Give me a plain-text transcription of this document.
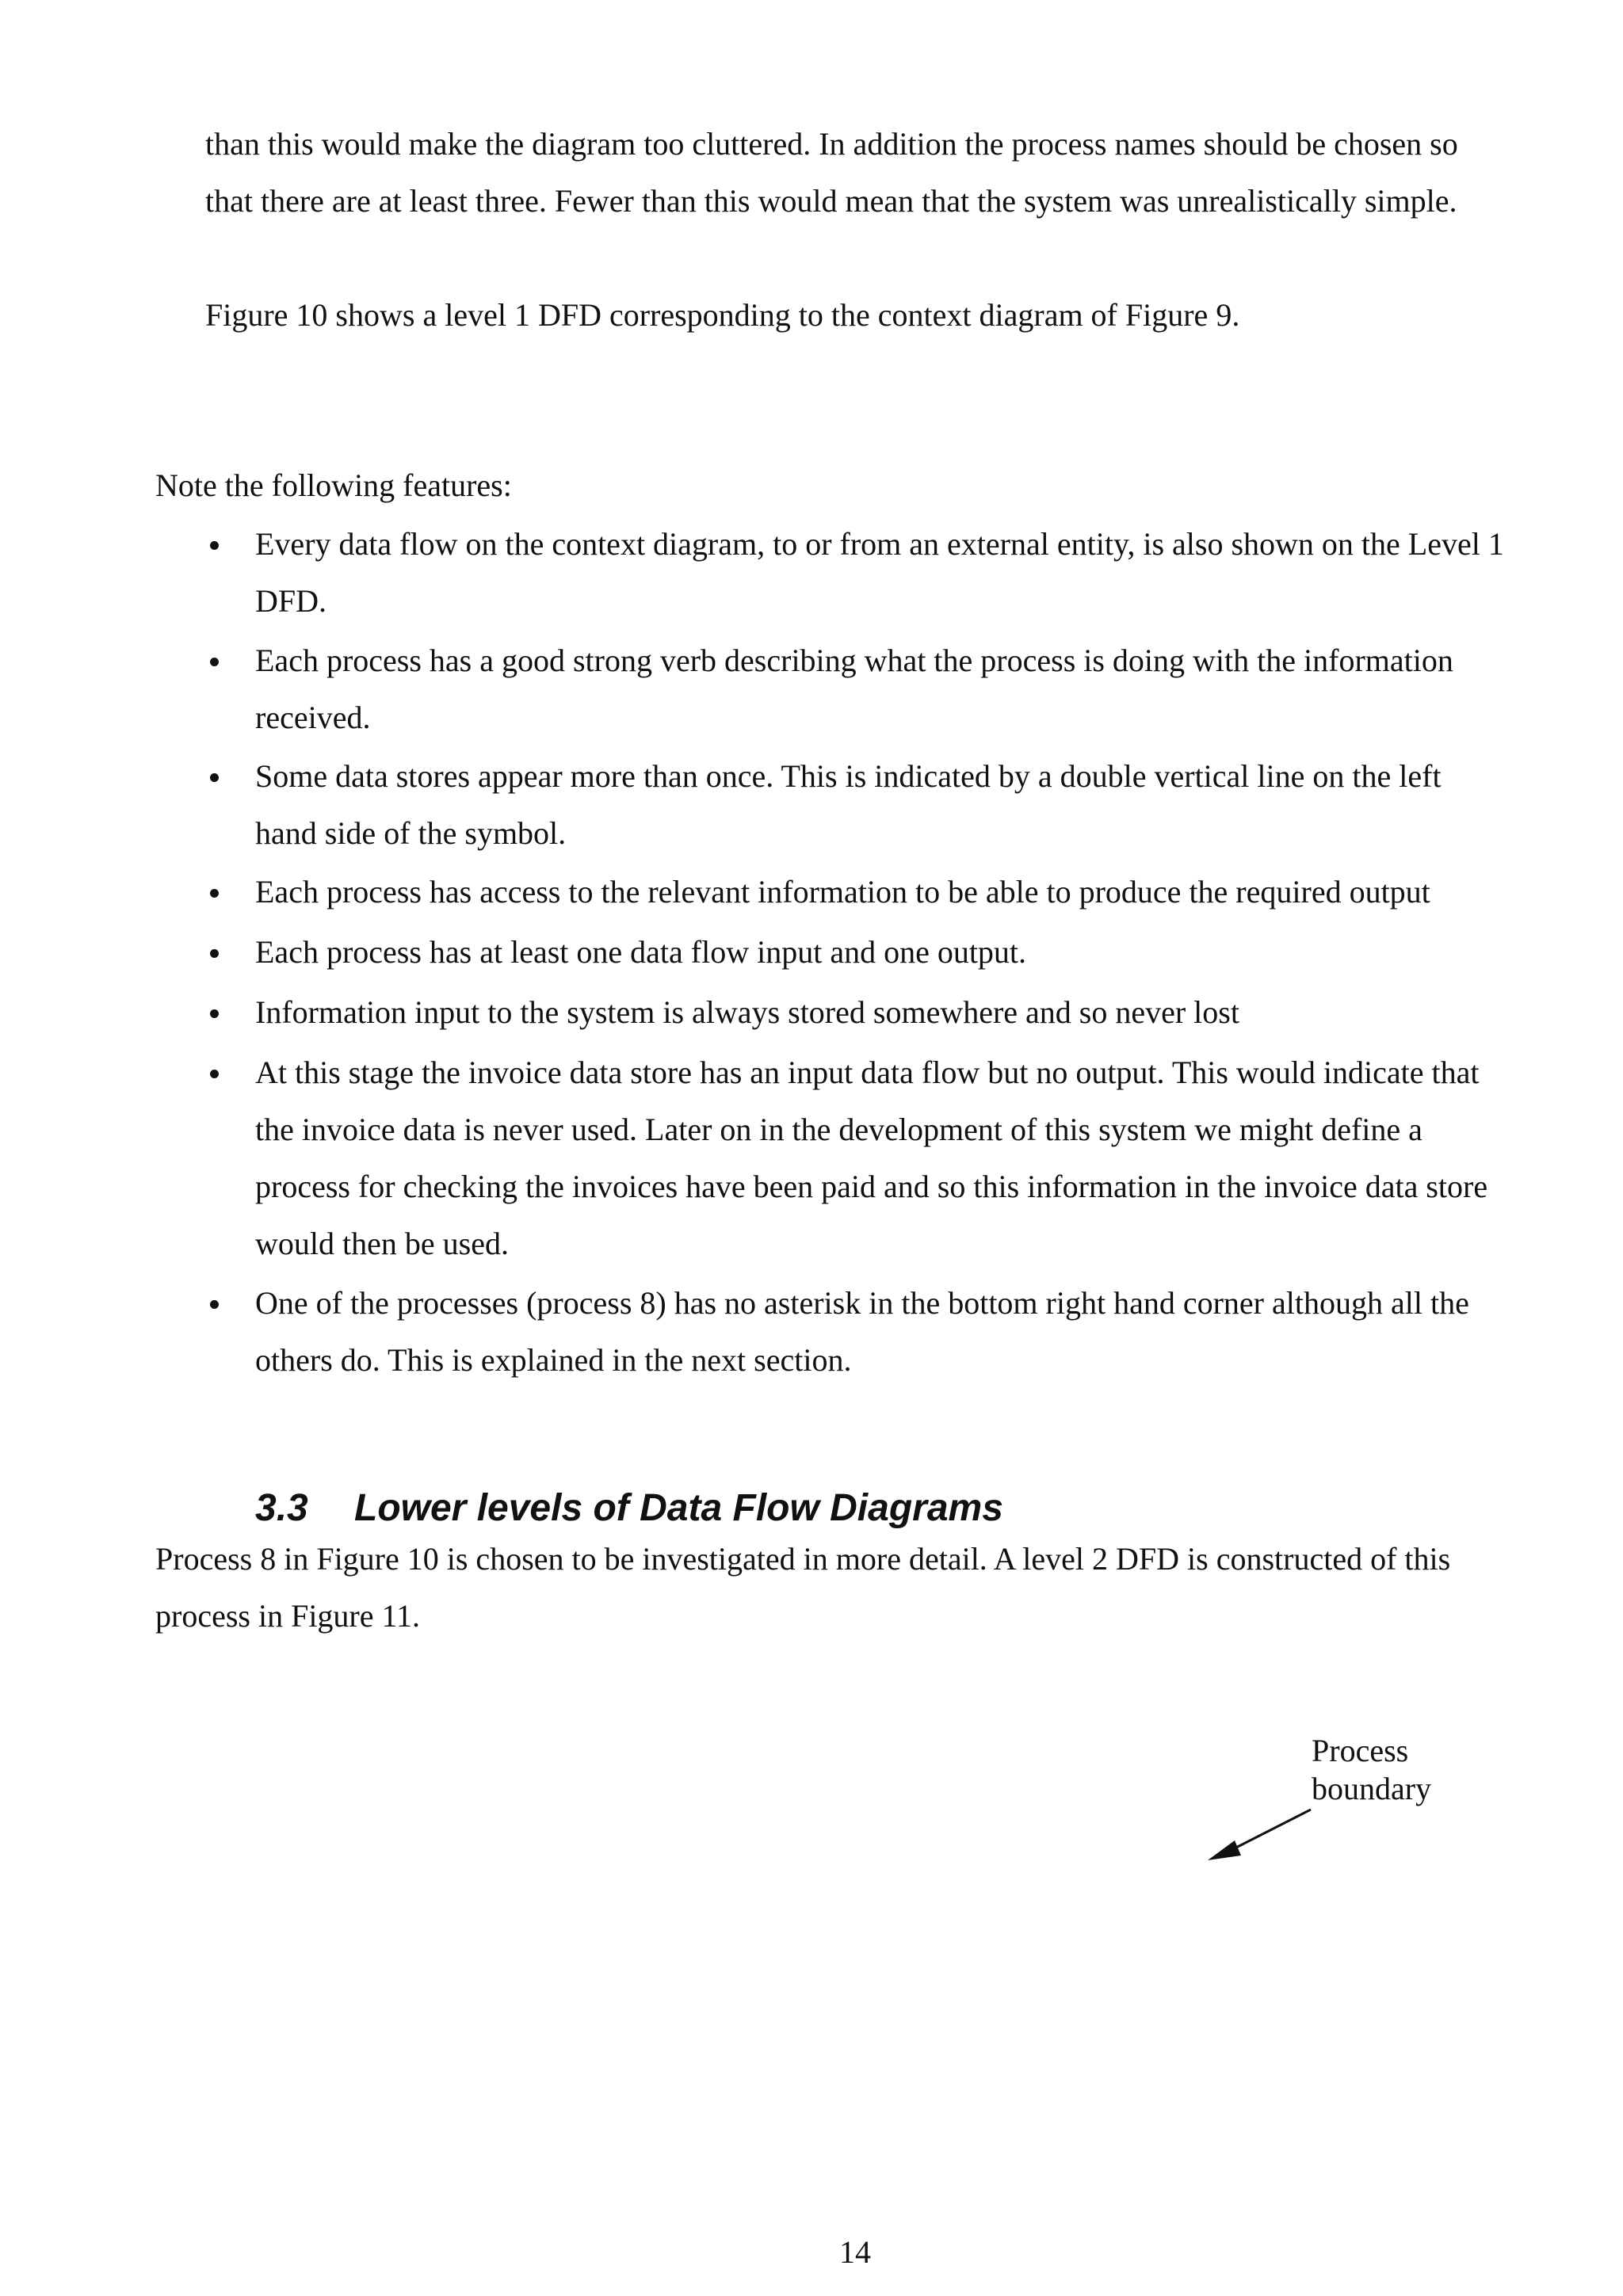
than this would make the diagram too cluttered. In addition the process names should be chosen so
that there are at least three. Fewer than this would mean that the system was unrealistically simple.
Figure 10 shows a level 1 DFD corresponding to the context diagram of Figure 9.
Note the following features:
Every data flow on the context diagram, to or from an external entity, is also shown on the Level 1
DFD.
Each process has a good strong verb describing what the process is doing with the information
received.
Some data stores appear more than once. This is indicated by a double vertical line on the left
hand side of the symbol.
Each process has access to the relevant information to be able to produce the required output
Each process has at least one data flow input and one output.
Information input to the system is always stored somewhere and so never lost
At this stage the invoice data store has an input data flow but no output. This would indicate that
the invoice data is never used. Later on in the development of this system we might define a
process for checking the invoices have been paid and so this information in the invoice data store
would then be used.
One of the processes (process 8) has no asterisk in the bottom right hand corner although all the
others do. This is explained in the next section.
3.3 Lower levels of Data Flow Diagrams
Process 8 in Figure 10 is chosen to be investigated in more detail. A level 2 DFD is constructed of this
process in Figure 11.
Process
boundary
14
